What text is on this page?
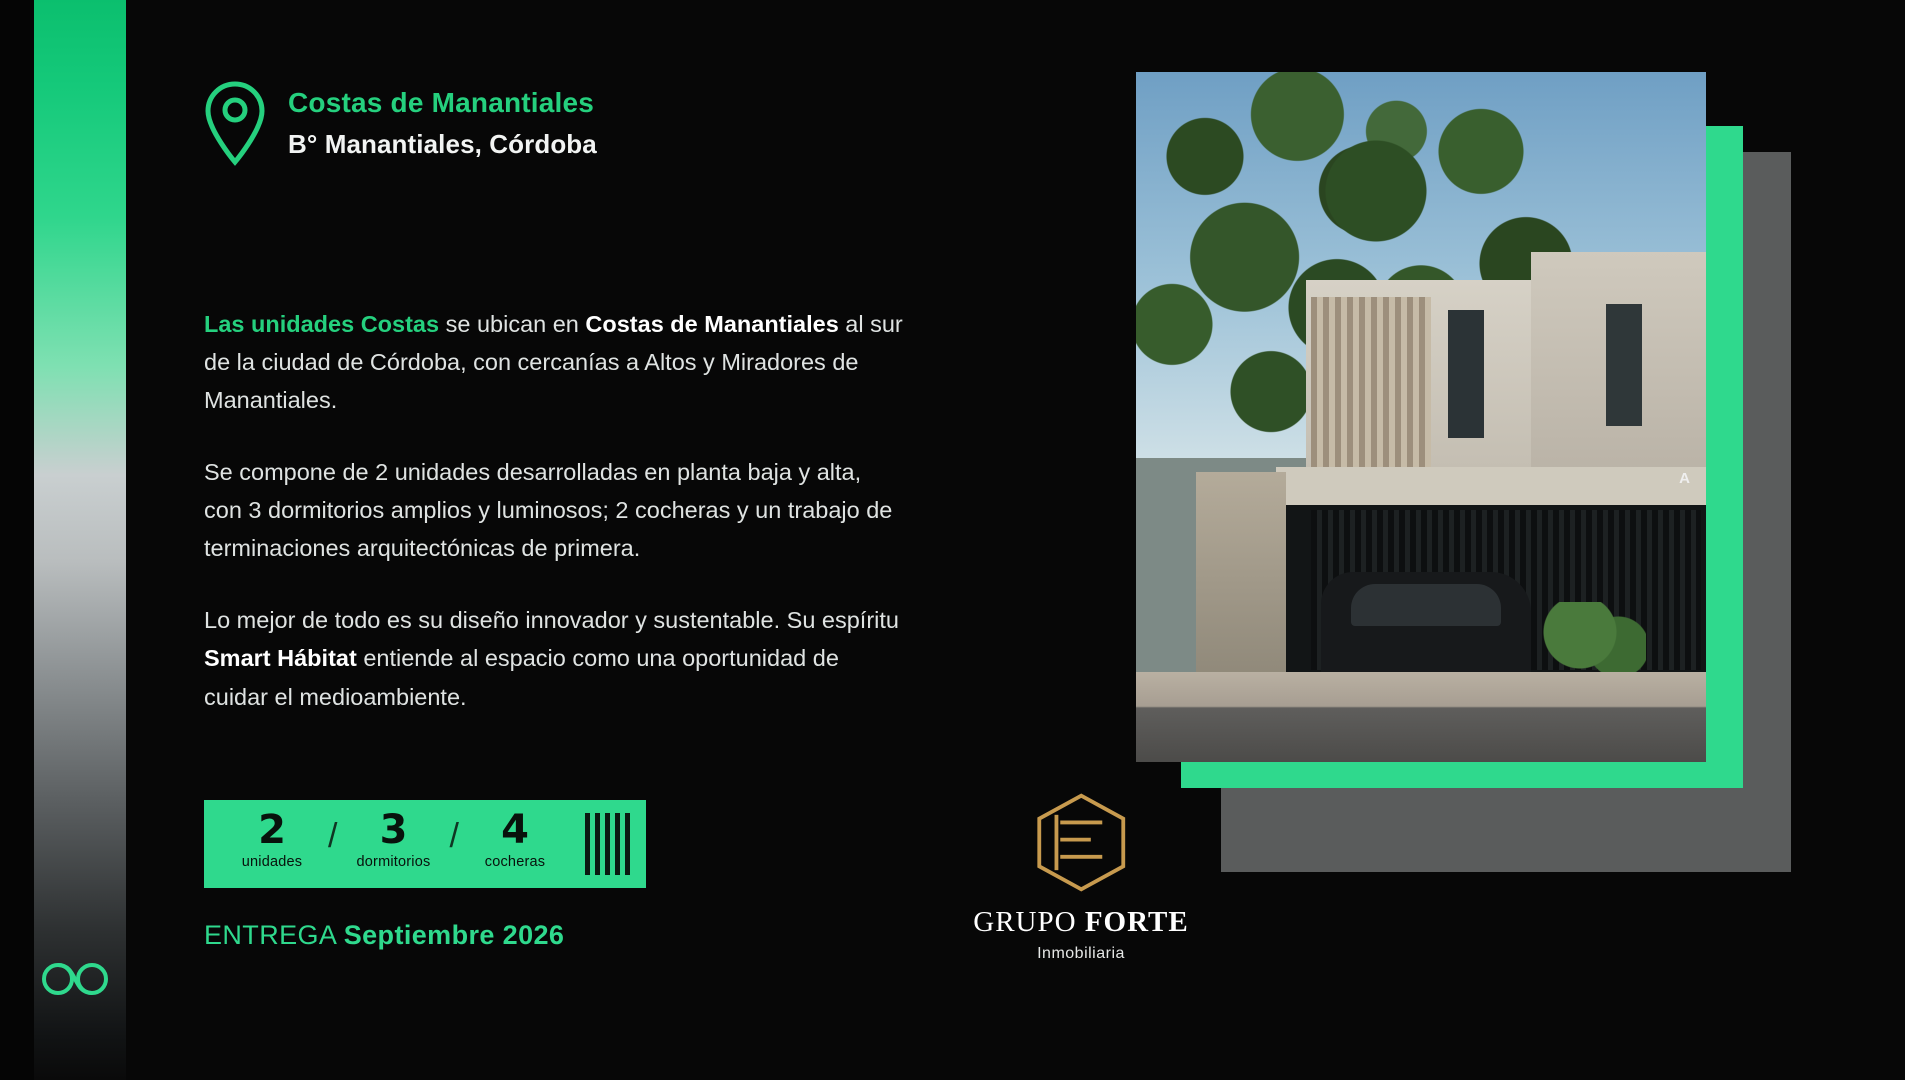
Costas de Manantiales
B° Manantiales, Córdoba

Las unidades Costas se ubican en Costas de Manantiales al sur de la ciudad de Córdoba, con cercanías a Altos y Miradores de Manantiales.

Se compone de 2 unidades desarrolladas en planta baja y alta, con 3 dormitorios amplios y luminosos; 2 cocheras y un trabajo de terminaciones arquitectónicas de primera.

Lo mejor de todo es su diseño innovador y sustentable. Su espíritu Smart Hábitat entiende al espacio como una oportunidad de cuidar el medioambiente.

2
unidades
/	3
dormitorios
/	4
cocheras
ENTREGA Septiembre 2026	GRUPO FORTE
Inmobiliaria
A
